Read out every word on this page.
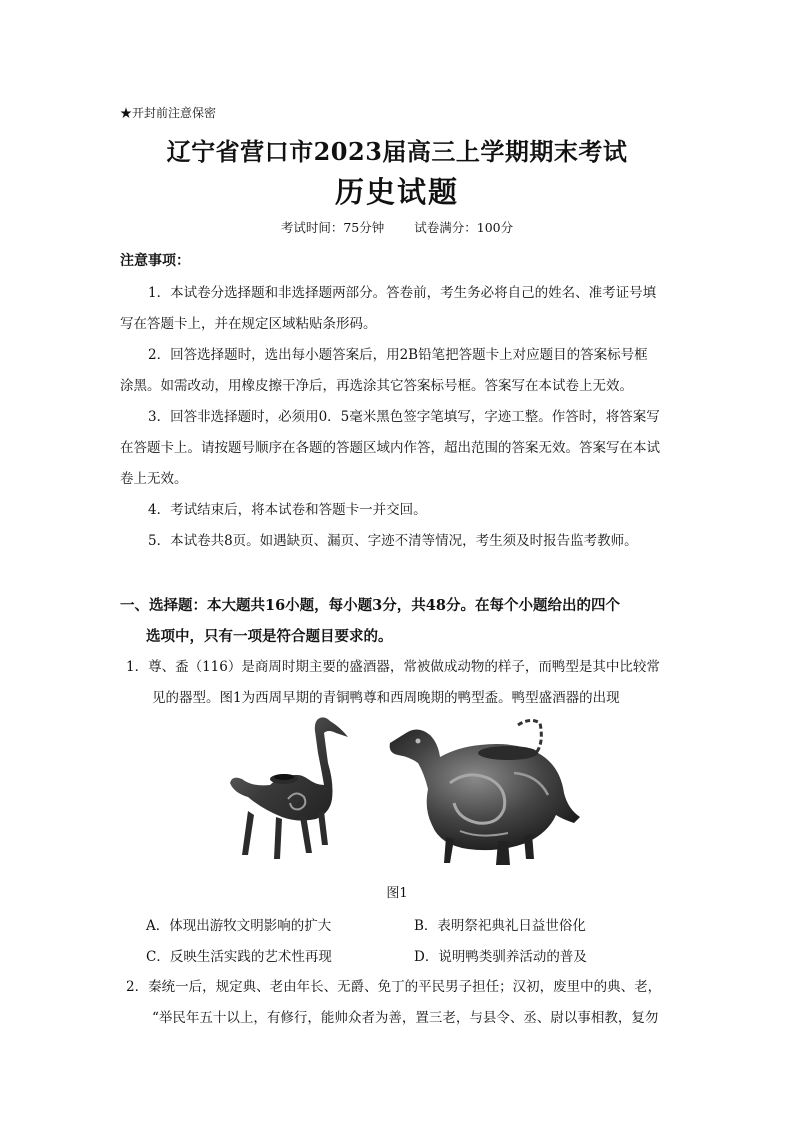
★开封前注意保密
辽宁省营口市2023届高三上学期期末考试
历史试题
考试时间：75分钟 试卷满分：100分
注意事项：
1．本试卷分选择题和非选择题两部分。答卷前，考生务必将自己的姓名、准考证号填
写在答题卡上，并在规定区域粘贴条形码。
2．回答选择题时，选出每小题答案后，用2B铅笔把答题卡上对应题目的答案标号框
涂黑。如需改动，用橡皮擦干净后，再选涂其它答案标号框。答案写在本试卷上无效。
3．回答非选择题时，必须用0．5毫米黑色签字笔填写，字迹工整。作答时，将答案写
在答题卡上。请按题号顺序在各题的答题区域内作答，超出范围的答案无效。答案写在本试
卷上无效。
4．考试结束后，将本试卷和答题卡一并交回。
5．本试卷共8页。如遇缺页、漏页、字迹不清等情况，考生须及时报告监考教师。
一、选择题：本大题共16小题，每小题3分，共48分。在每个小题给出的四个
选项中，只有一项是符合题目要求的。
1．尊、盉（116）是商周时期主要的盛酒器，常被做成动物的样子，而鸭型是其中比较常
见的器型。图1为西周早期的青铜鸭尊和西周晚期的鸭型盉。鸭型盛酒器的出现
图1
A．体现出游牧文明影响的扩大	B．表明祭祀典礼日益世俗化
C．反映生活实践的艺术性再现	D．说明鸭类驯养活动的普及
2．秦统一后，规定典、老由年长、无爵、免丁的平民男子担任；汉初，废里中的典、老，
“举民年五十以上，有修行，能帅众者为善，置三老，与县令、丞、尉以事相教，复勿
